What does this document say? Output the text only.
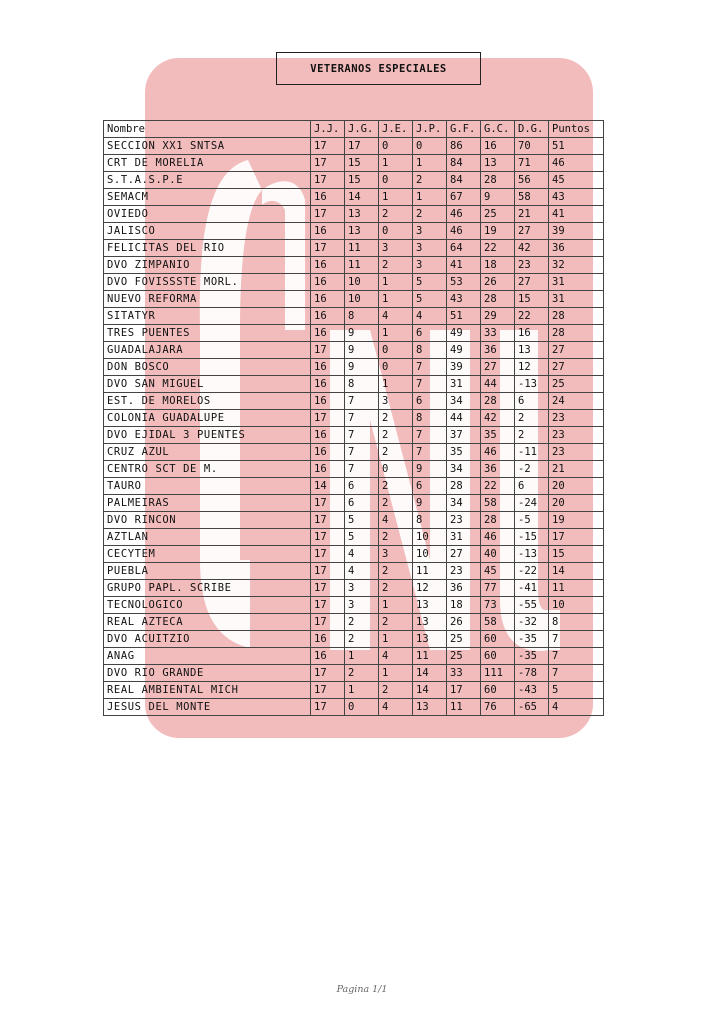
VETERANOS ESPECIALES
Nombre	J.J.	J.G.	J.E.	J.P.	G.F.	G.C.	D.G.	Puntos
SECCION XX1 SNTSA	17	17	0	0	86	16	70	51
CRT DE MORELIA	17	15	1	1	84	13	71	46
S.T.A.S.P.E	17	15	0	2	84	28	56	45
SEMACM	16	14	1	1	67	9	58	43
OVIEDO	17	13	2	2	46	25	21	41
JALISCO	16	13	0	3	46	19	27	39
FELICITAS DEL RIO	17	11	3	3	64	22	42	36
DVO ZIMPANIO	16	11	2	3	41	18	23	32
DVO FOVISSSTE MORL.	16	10	1	5	53	26	27	31
NUEVO REFORMA	16	10	1	5	43	28	15	31
SITATYR	16	8	4	4	51	29	22	28
TRES PUENTES	16	9	1	6	49	33	16	28
GUADALAJARA	17	9	0	8	49	36	13	27
DON BOSCO	16	9	0	7	39	27	12	27
DVO SAN MIGUEL	16	8	1	7	31	44	-13	25
EST. DE MORELOS	16	7	3	6	34	28	6	24
COLONIA GUADALUPE	17	7	2	8	44	42	2	23
DVO EJIDAL 3 PUENTES	16	7	2	7	37	35	2	23
CRUZ AZUL	16	7	2	7	35	46	-11	23
CENTRO SCT DE M.	16	7	0	9	34	36	-2	21
TAURO	14	6	2	6	28	22	6	20
PALMEIRAS	17	6	2	9	34	58	-24	20
DVO RINCON	17	5	4	8	23	28	-5	19
AZTLAN	17	5	2	10	31	46	-15	17
CECYTEM	17	4	3	10	27	40	-13	15
PUEBLA	17	4	2	11	23	45	-22	14
GRUPO PAPL. SCRIBE	17	3	2	12	36	77	-41	11
TECNOLOGICO	17	3	1	13	18	73	-55	10
REAL AZTECA	17	2	2	13	26	58	-32	8
DVO ACUITZIO	16	2	1	13	25	60	-35	7
ANAG	16	1	4	11	25	60	-35	7
DVO RIO GRANDE	17	2	1	14	33	111	-78	7
REAL AMBIENTAL MICH	17	1	2	14	17	60	-43	5
JESUS DEL MONTE	17	0	4	13	11	76	-65	4
Pagina 1/1
